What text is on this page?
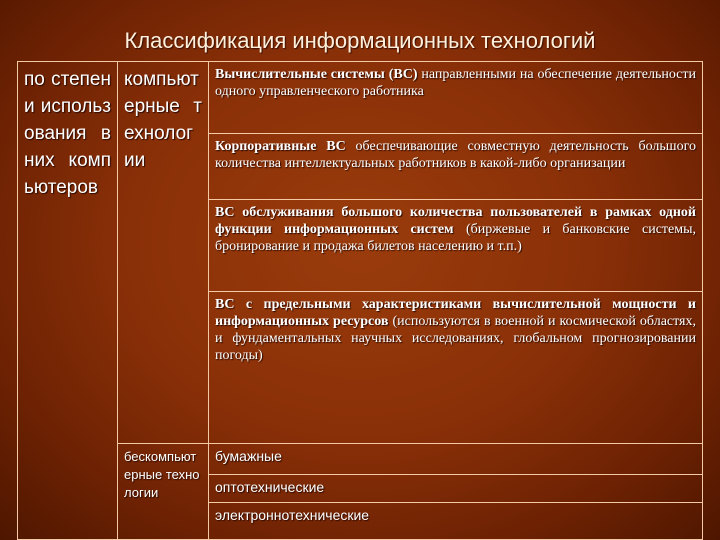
Классификация информационных технологий
по степени использования в них компьютеров	компьютерные технологии	Вычислительные системы (ВС) направленными на обеспечение деятельности одного управленческого работника
		Корпоративные ВС обеспечивающие совместную деятельность большого количества интеллектуальных работников в какой-либо организации
		ВС обслуживания большого количества пользователей в рамках одной функции информационных систем (биржевые и банковские системы, бронирование и продажа билетов населению и т.п.)
		ВС с предельными характеристиками вычислительной мощности и информационных ресурсов (используются в военной и космической областях, и фундаментальных научных исследованиях, глобальном прогнозировании погоды)
	бескомпьютерные технологии	бумажные
		оптотехнические
		электроннотехнические
